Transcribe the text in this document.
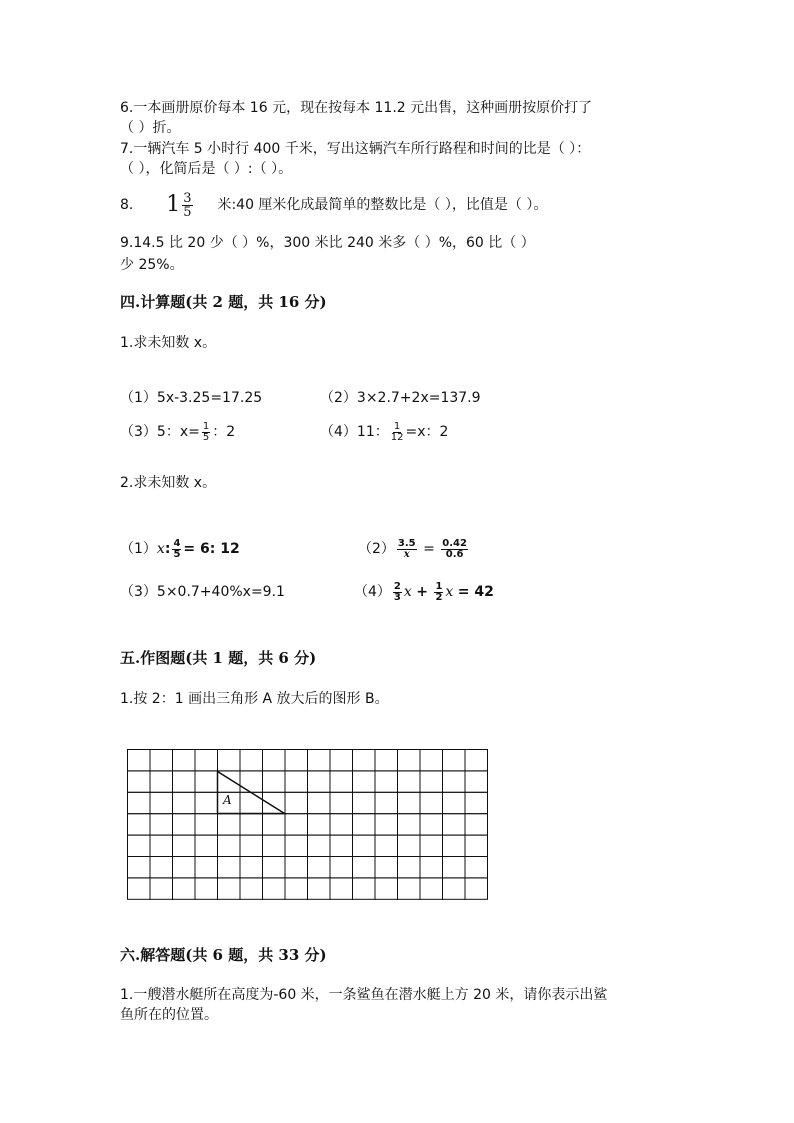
6.一本画册原价每本 16 元，现在按每本 11.2 元出售，这种画册按原价打了
（ ）折。
7.一辆汽车 5 小时行 400 千米，写出这辆汽车所行路程和时间的比是（ ）：
（ ），化简后是（ ）:（ ）。
8. $1 \frac{3}{5}$ 米:40 厘米化成最简单的整数比是（ ），比值是（ ）。
9.14.5 比 20 少（ ）%，300 米比 240 米多（ ）%，60 比（ ）
少 25%。
四.计算题(共 2 题，共 16 分)
1.求未知数 x。
（1）5x-3.25=17.25	（2）3×2.7+2x=137.9
（3）5：$x= \frac{1}{5}$ ：2	（4）11： $\frac{1}{12} =x$：2
2.求未知数 x。
（1）x: $\frac{4}{5} = 6$: 12	$(2) \frac{3.5}{x} = \frac{0.42}{0.6}$
（3）5×0.7+40%x=9.1	$(4) \frac{2}{3}$ $x + \frac{1}{2}$ x = 42
五.作图题(共 1 题，共 6 分)
1.按 2：1 画出三角形 A 放大后的图形 B。
A
六.解答题(共 6 题，共 33 分)
1.一艘潜水艇所在高度为-60 米，一条鲨鱼在潜水艇上方 20 米，请你表示出鲨
鱼所在的位置。
